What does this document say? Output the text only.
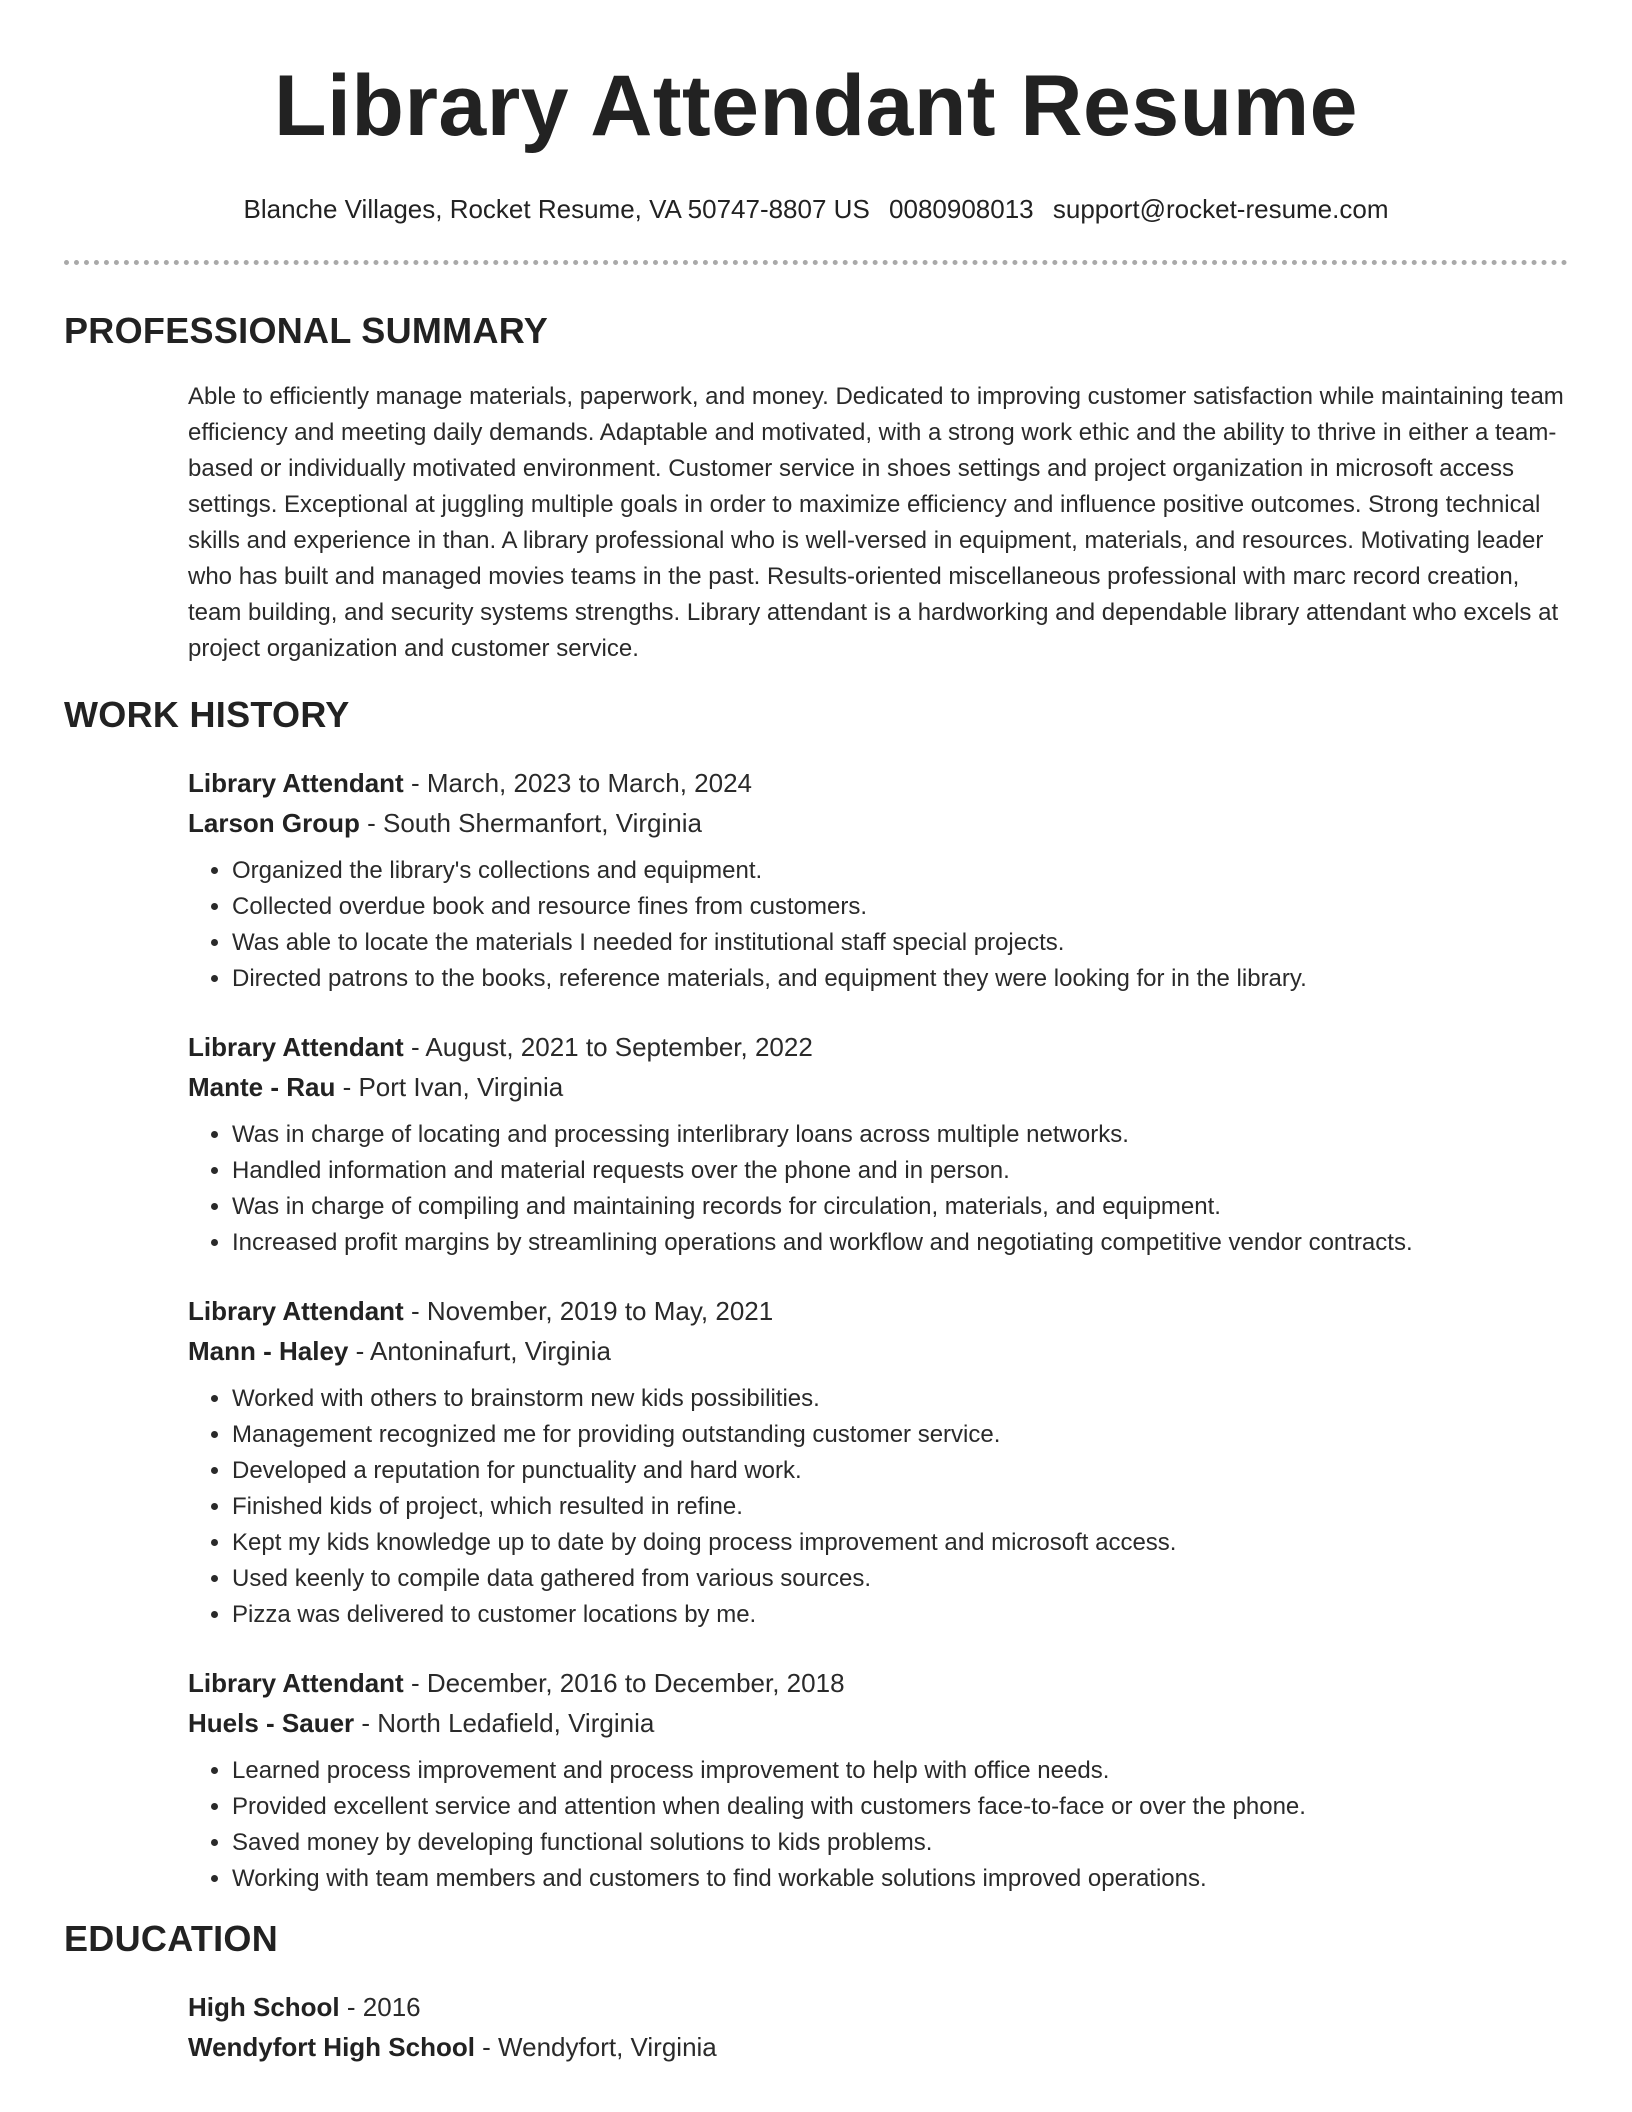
Library Attendant Resume
Blanche Villages, Rocket Resume, VA 50747-8807 US 0080908013 support@rocket-resume.com
PROFESSIONAL SUMMARY

Able to efficiently manage materials, paperwork, and money. Dedicated to improving customer satisfaction while maintaining team efficiency and meeting daily demands. Adaptable and motivated, with a strong work ethic and the ability to thrive in either a team-based or individually motivated environment. Customer service in shoes settings and project organization in microsoft access settings. Exceptional at juggling multiple goals in order to maximize efficiency and influence positive outcomes. Strong technical skills and experience in than. A library professional who is well-versed in equipment, materials, and resources. Motivating leader who has built and managed movies teams in the past. Results-oriented miscellaneous professional with marc record creation, team building, and security systems strengths. Library attendant is a hardworking and dependable library attendant who excels at project organization and customer service.

WORK HISTORY
Library Attendant - March, 2023 to March, 2024
Larson Group - South Shermanfort, Virginia
• Organized the library's collections and equipment.
• Collected overdue book and resource fines from customers.
• Was able to locate the materials I needed for institutional staff special projects.
• Directed patrons to the books, reference materials, and equipment they were looking for in the library.
Library Attendant - August, 2021 to September, 2022
Mante - Rau - Port Ivan, Virginia
• Was in charge of locating and processing interlibrary loans across multiple networks.
• Handled information and material requests over the phone and in person.
• Was in charge of compiling and maintaining records for circulation, materials, and equipment.
• Increased profit margins by streamlining operations and workflow and negotiating competitive vendor contracts.
Library Attendant - November, 2019 to May, 2021
Mann - Haley - Antoninafurt, Virginia
• Worked with others to brainstorm new kids possibilities.
• Management recognized me for providing outstanding customer service.
• Developed a reputation for punctuality and hard work.
• Finished kids of project, which resulted in refine.
• Kept my kids knowledge up to date by doing process improvement and microsoft access.
• Used keenly to compile data gathered from various sources.
• Pizza was delivered to customer locations by me.
Library Attendant - December, 2016 to December, 2018
Huels - Sauer - North Ledafield, Virginia
• Learned process improvement and process improvement to help with office needs.
• Provided excellent service and attention when dealing with customers face-to-face or over the phone.
• Saved money by developing functional solutions to kids problems.
• Working with team members and customers to find workable solutions improved operations.
EDUCATION
High School - 2016
Wendyfort High School - Wendyfort, Virginia
